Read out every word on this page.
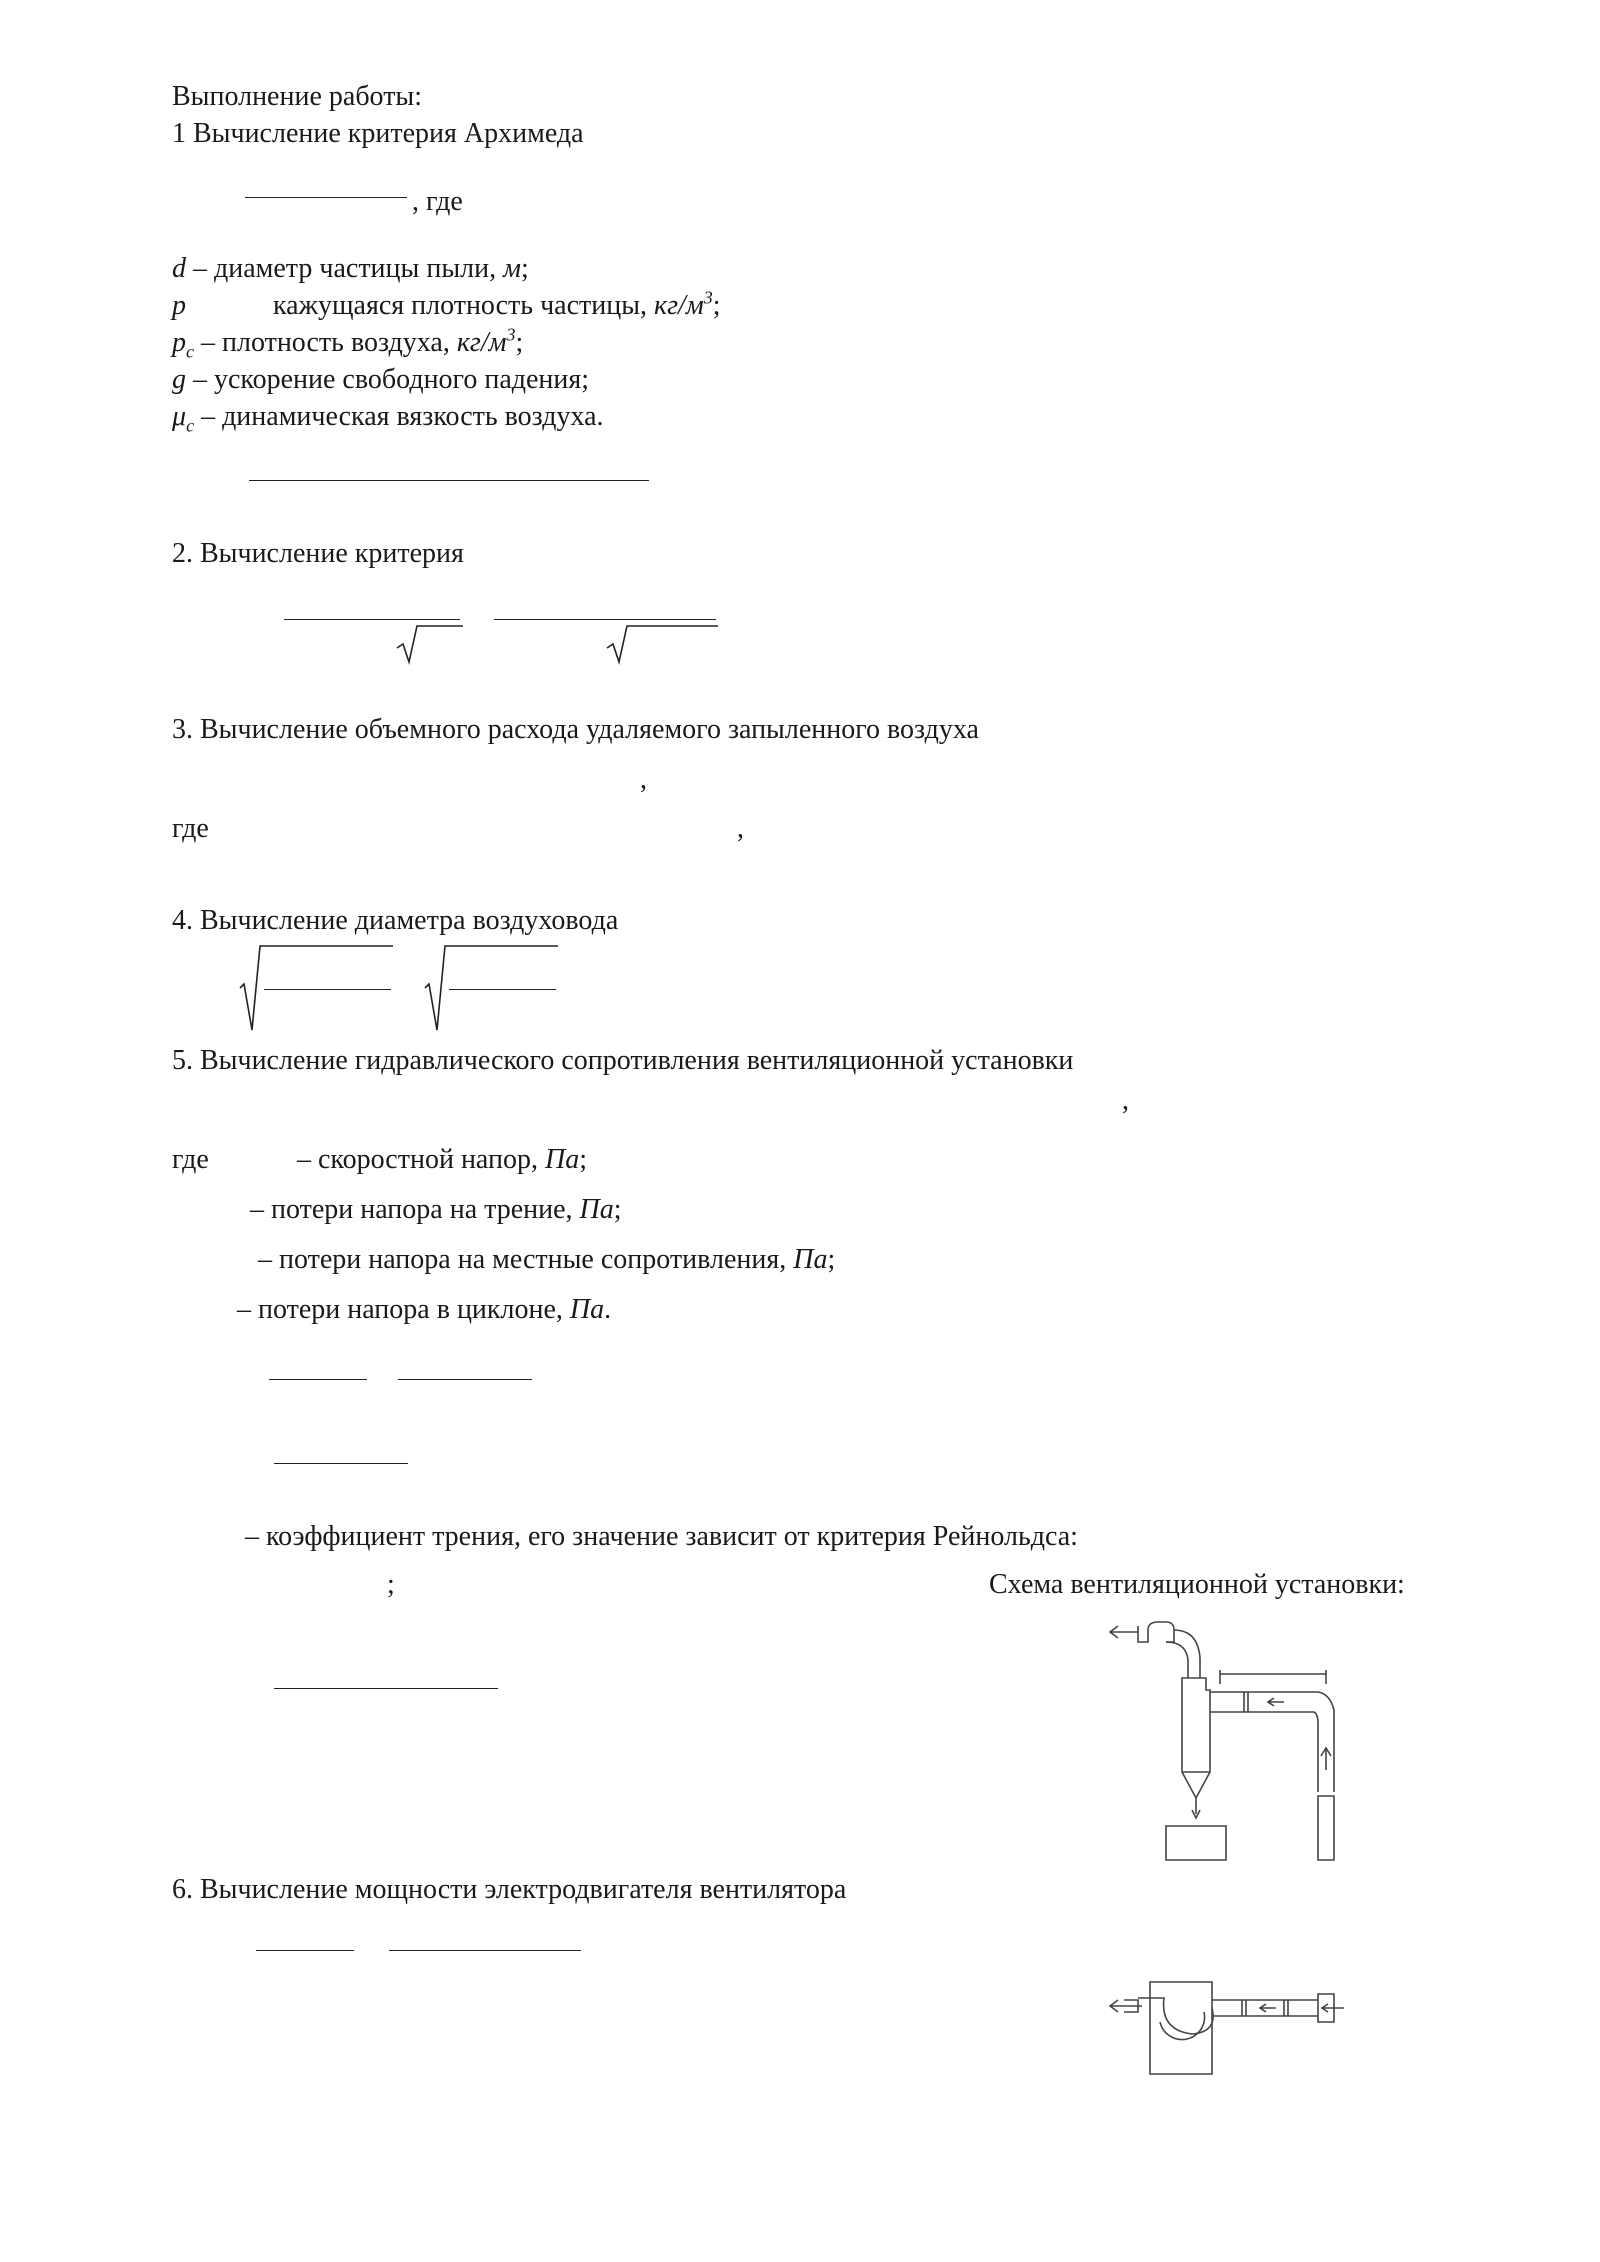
Выполнение работы:
1 Вычисление критерия Архимеда
, где
d – диаметр частицы пыли, м;
p	кажущаяся плотность частицы, $кг/м^3$;
$p_c$ – плотность воздуха, $кг/м^3$;
g – ускорение свободного падения;
$\mu_c$ – динамическая вязкость воздуха.
2. Вычисление критерия
3. Вычисление объемного расхода удаляемого запыленного воздуха
,
где	,
4. Вычисление диаметра воздуховода
5. Вычисление гидравлического сопротивления вентиляционной установки
,
где	– скоростной напор, Па;
– потери напора на трение, Па;
– потери напора на местные сопротивления, Па;
– потери напора в циклоне, Па.
– коэффициент трения, его значение зависит от критерия Рейнольдса:
;	Схема вентиляционной установки:
6. Вычисление мощности электродвигателя вентилятора
